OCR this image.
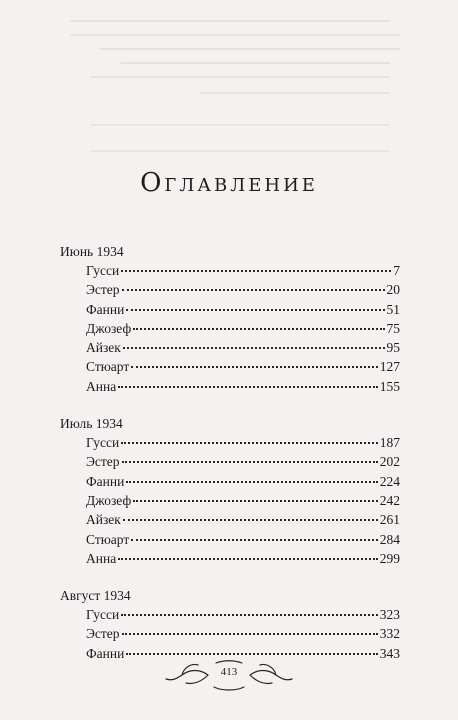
Оглавление
Июнь 1934
Гусси	7
Эстер	20
Фанни	51
Джозеф	75
Айзек	95
Стюарт	127
Анна	155
Июль 1934
Гусси	187
Эстер	202
Фанни	224
Джозеф	242
Айзек	261
Стюарт	284
Анна	299
Август 1934
Гусси	323
Эстер	332
Фанни	343
413
